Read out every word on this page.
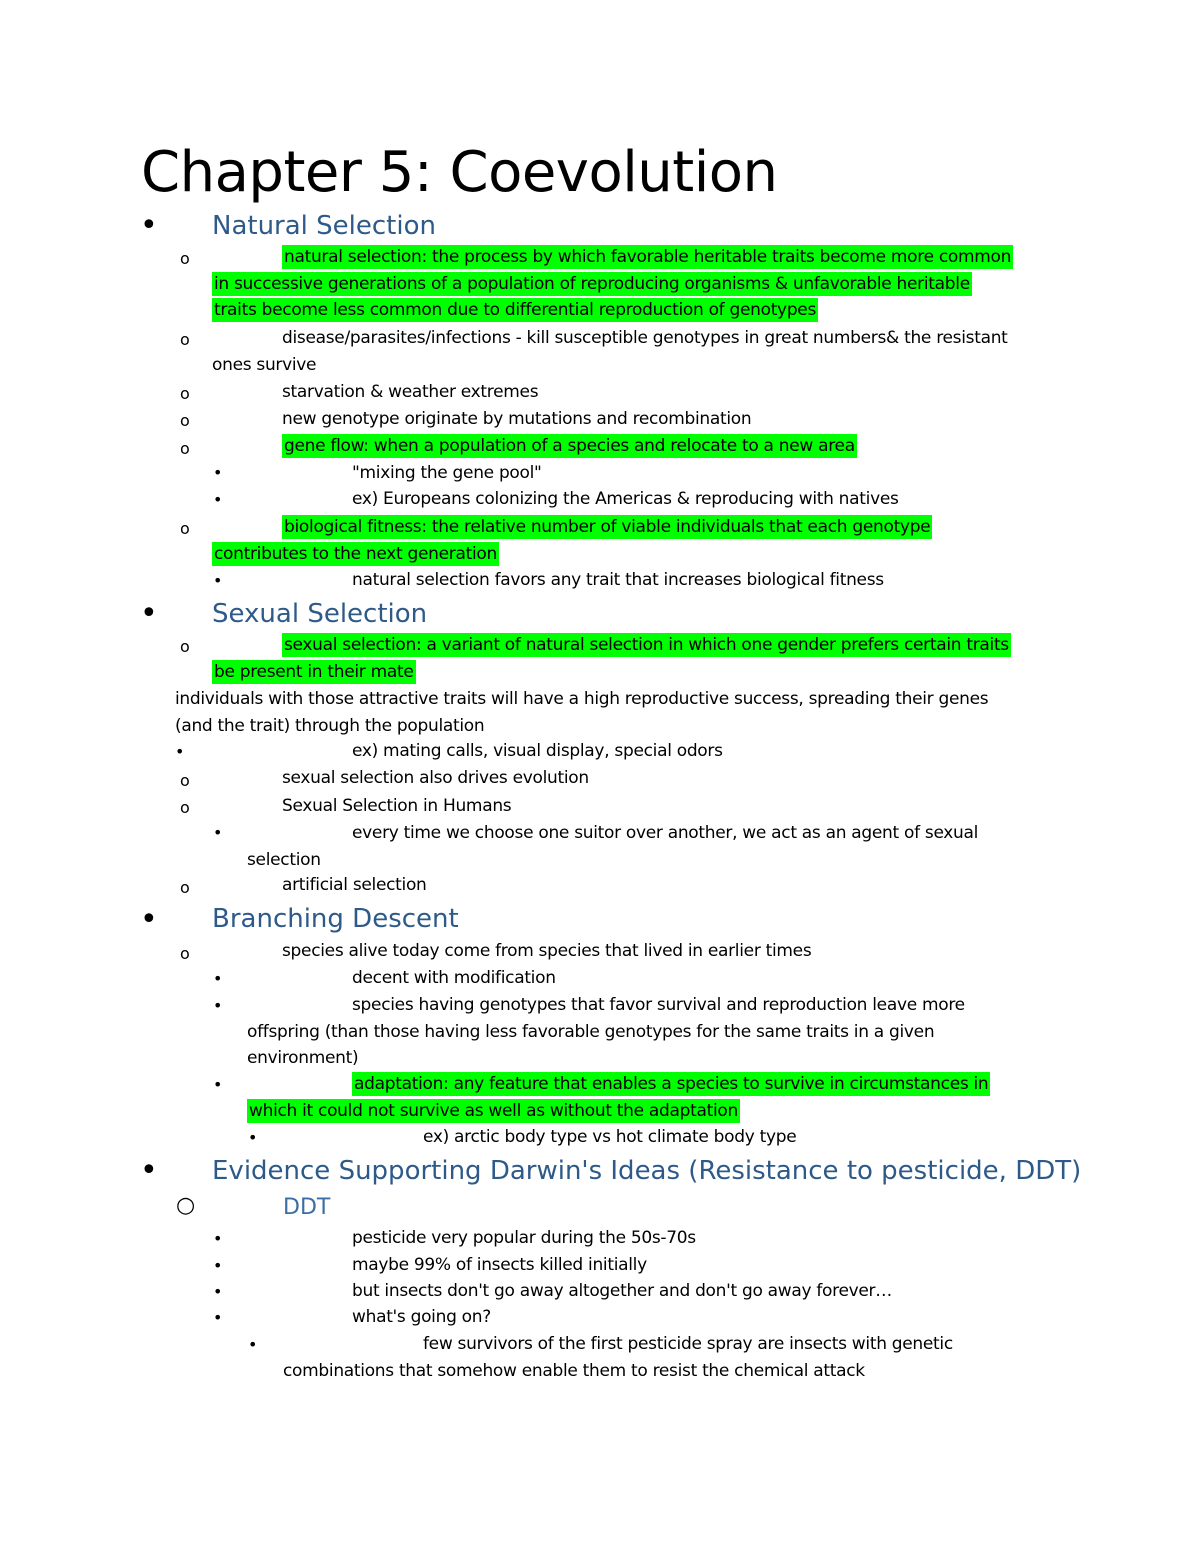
Chapter 5: Coevolution
• Natural Selection
o	natural selection: the process by which favorable heritable traits become more common
in successive generations of a population of reproducing organisms & unfavorable heritable
traits become less common due to differential reproduction of genotypes
o	disease/parasites/infections - kill susceptible genotypes in great numbers& the resistant
ones survive
o	starvation & weather extremes
o	new genotype originate by mutations and recombination
o	gene flow: when a population of a species and relocate to a new area
•	"mixing the gene pool"
•	ex) Europeans colonizing the Americas & reproducing with natives
o	biological fitness: the relative number of viable individuals that each genotype
contributes to the next generation
•	natural selection favors any trait that increases biological fitness
• Sexual Selection
o	sexual selection: a variant of natural selection in which one gender prefers certain traits
be present in their mate
individuals with those attractive traits will have a high reproductive success, spreading their genes
(and the trait) through the population
•	ex) mating calls, visual display, special odors
o	sexual selection also drives evolution
o	Sexual Selection in Humans
•	every time we choose one suitor over another, we act as an agent of sexual
selection
o	artificial selection
• Branching Descent
o	species alive today come from species that lived in earlier times
•	decent with modification
•	species having genotypes that favor survival and reproduction leave more
offspring (than those having less favorable genotypes for the same traits in a given
environment)
•	adaptation: any feature that enables a species to survive in circumstances in
which it could not survive as well as without the adaptation
•	ex) arctic body type vs hot climate body type
• Evidence Supporting Darwin's Ideas (Resistance to pesticide, DDT)
○	DDT
•	pesticide very popular during the 50s-70s
•	maybe 99% of insects killed initially
•	but insects don't go away altogether and don't go away forever…
•	what's going on?
•	few survivors of the first pesticide spray are insects with genetic
combinations that somehow enable them to resist the chemical attack
